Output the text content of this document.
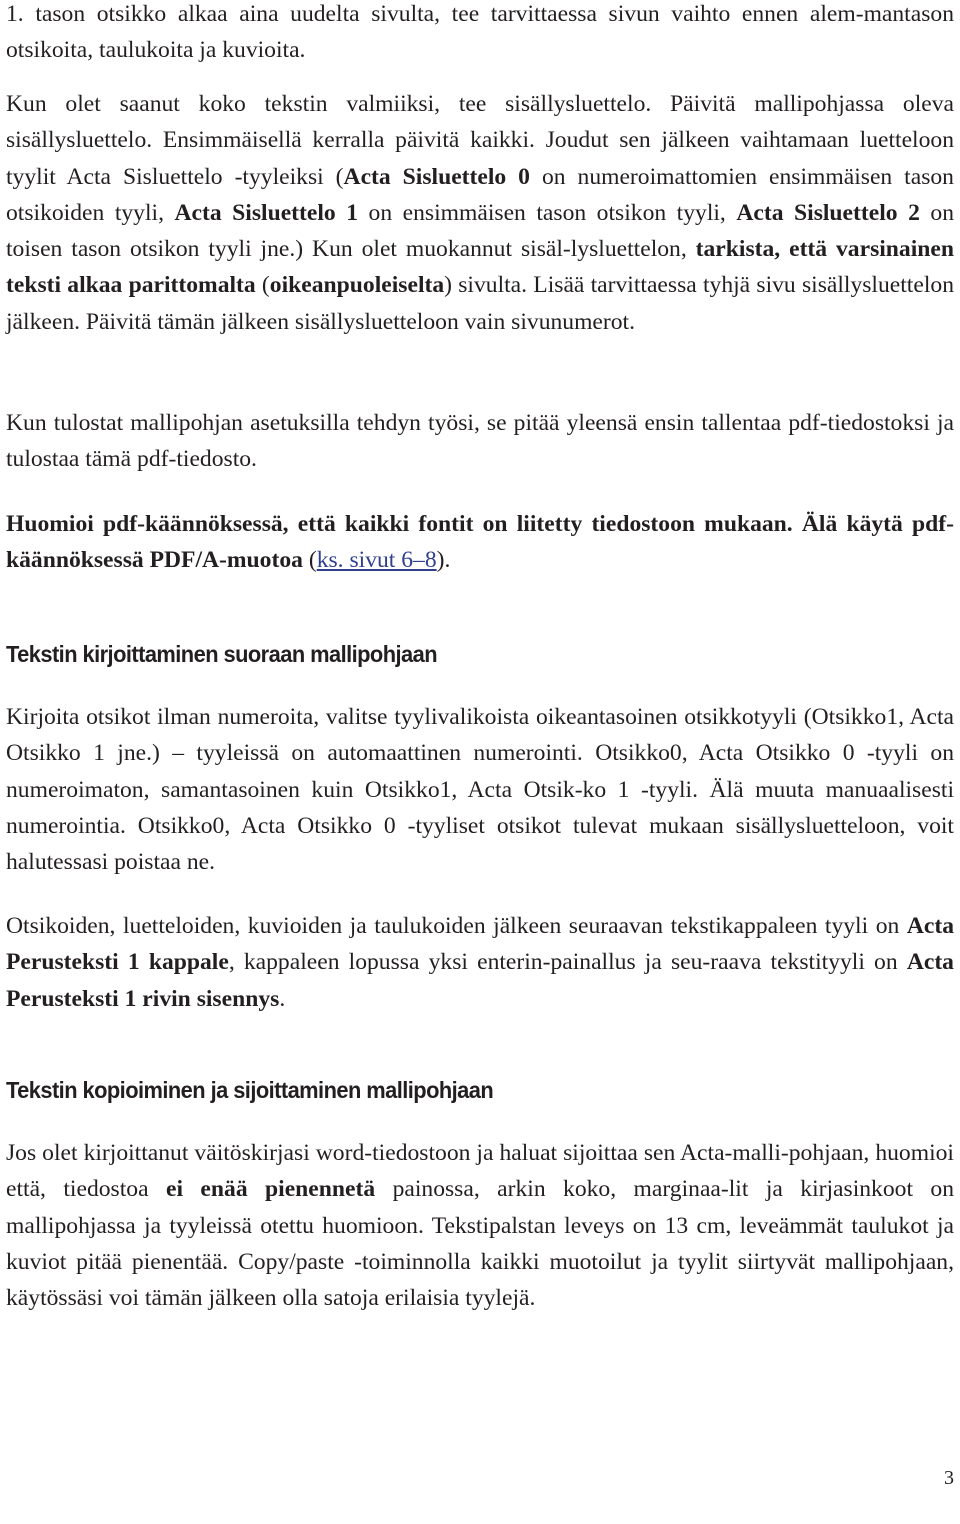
1. tason otsikko alkaa aina uudelta sivulta, tee tarvittaessa sivun vaihto ennen alem-mantason otsikoita, taulukoita ja kuvioita.

Kun olet saanut koko tekstin valmiiksi, tee sisällysluettelo. Päivitä mallipohjassa oleva sisällysluettelo. Ensimmäisellä kerralla päivitä kaikki. Joudut sen jälkeen vaihtamaan luetteloon tyylit Acta Sisluettelo -tyyleiksi (Acta Sisluettelo 0 on numeroimattomien ensimmäisen tason otsikoiden tyyli, Acta Sisluettelo 1 on ensimmäisen tason otsikon tyyli, Acta Sisluettelo 2 on toisen tason otsikon tyyli jne.) Kun olet muokannut sisäl-lysluettelon, tarkista, että varsinainen teksti alkaa parittomalta (oikeanpuoleiselta) sivulta. Lisää tarvittaessa tyhjä sivu sisällysluettelon jälkeen. Päivitä tämän jälkeen sisällysluetteloon vain sivunumerot.

Kun tulostat mallipohjan asetuksilla tehdyn työsi, se pitää yleensä ensin tallentaa pdf-tiedostoksi ja tulostaa tämä pdf-tiedosto.

Huomioi pdf-käännöksessä, että kaikki fontit on liitetty tiedostoon mukaan. Älä käytä pdf-käännöksessä PDF/A-muotoa (ks. sivut 6–8).

Tekstin kirjoittaminen suoraan mallipohjaan

Kirjoita otsikot ilman numeroita, valitse tyylivalikoista oikeantasoinen otsikkotyyli (Otsikko1, Acta Otsikko 1 jne.) – tyyleissä on automaattinen numerointi. Otsikko0, Acta Otsikko 0 -tyyli on numeroimaton, samantasoinen kuin Otsikko1, Acta Otsik-ko 1 -tyyli. Älä muuta manuaalisesti numerointia. Otsikko0, Acta Otsikko 0 -tyyliset otsikot tulevat mukaan sisällysluetteloon, voit halutessasi poistaa ne.

Otsikoiden, luetteloiden, kuvioiden ja taulukoiden jälkeen seuraavan tekstikappaleen tyyli on Acta Perusteksti 1 kappale, kappaleen lopussa yksi enterin-painallus ja seu-raava tekstityyli on Acta Perusteksti 1 rivin sisennys.

Tekstin kopioiminen ja sijoittaminen mallipohjaan

Jos olet kirjoittanut väitöskirjasi word-tiedostoon ja haluat sijoittaa sen Acta-malli-pohjaan, huomioi että, tiedostoa ei enää pienennetä painossa, arkin koko, marginaa-lit ja kirjasinkoot on mallipohjassa ja tyyleissä otettu huomioon. Tekstipalstan leveys on 13 cm, leveämmät taulukot ja kuviot pitää pienentää. Copy/paste -toiminnolla kaikki muotoilut ja tyylit siirtyvät mallipohjaan, käytössäsi voi tämän jälkeen olla satoja erilaisia tyylejä.

3
